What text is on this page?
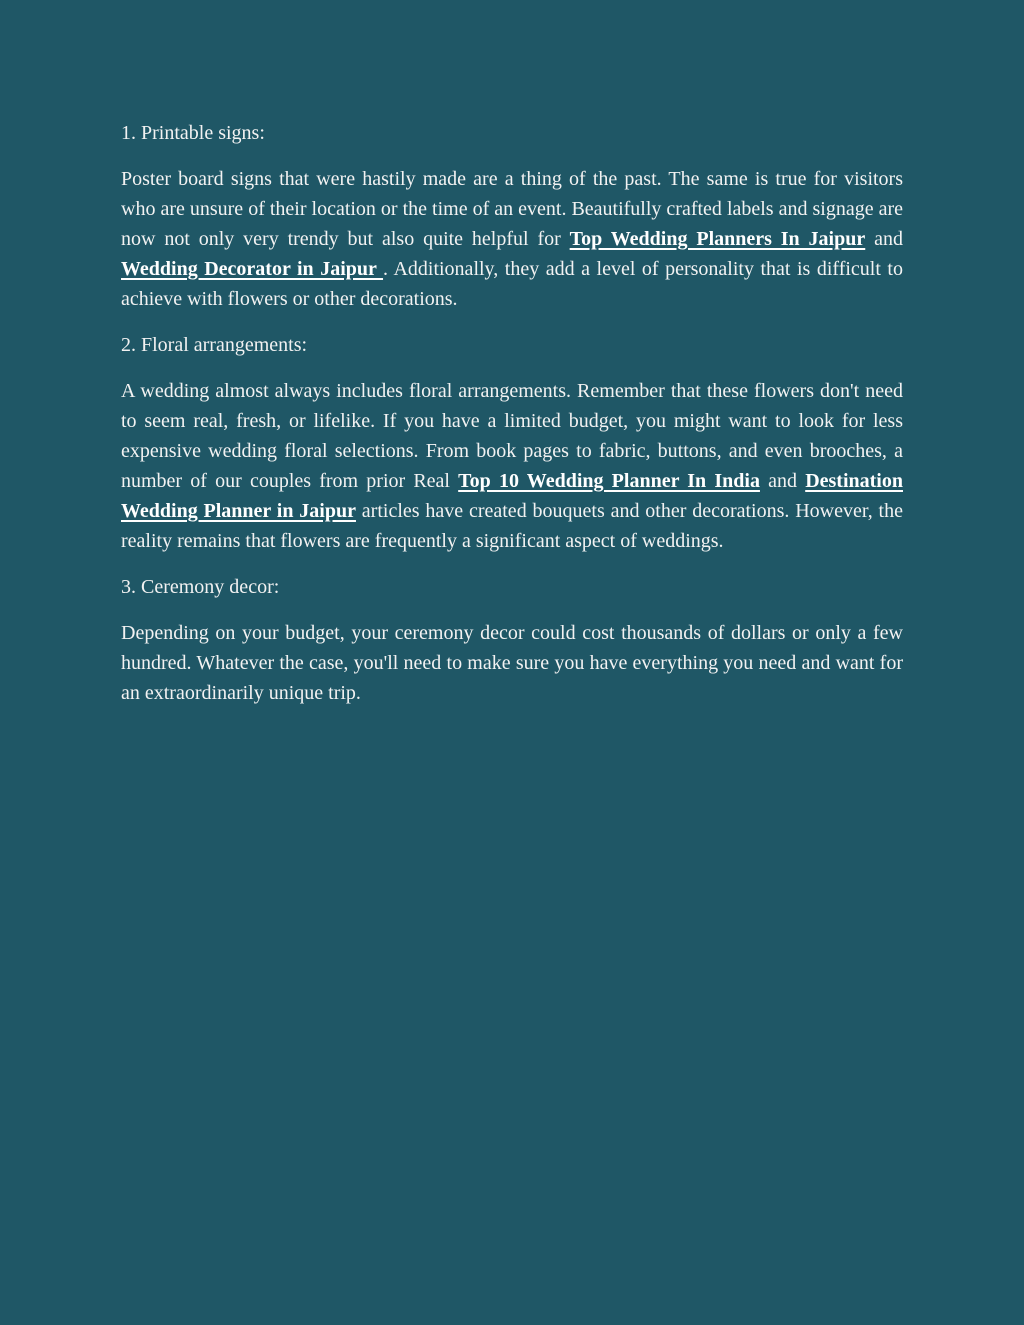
1. Printable signs:

Poster board signs that were hastily made are a thing of the past. The same is true for visitors who are unsure of their location or the time of an event. Beautifully crafted labels and signage are now not only very trendy but also quite helpful for Top Wedding Planners In Jaipur and Wedding Decorator in Jaipur . Additionally, they add a level of personality that is difficult to achieve with flowers or other decorations.

2. Floral arrangements:

A wedding almost always includes floral arrangements. Remember that these flowers don't need to seem real, fresh, or lifelike. If you have a limited budget, you might want to look for less expensive wedding floral selections. From book pages to fabric, buttons, and even brooches, a number of our couples from prior Real Top 10 Wedding Planner In India and Destination Wedding Planner in Jaipur articles have created bouquets and other decorations. However, the reality remains that flowers are frequently a significant aspect of weddings.

3. Ceremony decor:

Depending on your budget, your ceremony decor could cost thousands of dollars or only a few hundred. Whatever the case, you'll need to make sure you have everything you need and want for an extraordinarily unique trip.
